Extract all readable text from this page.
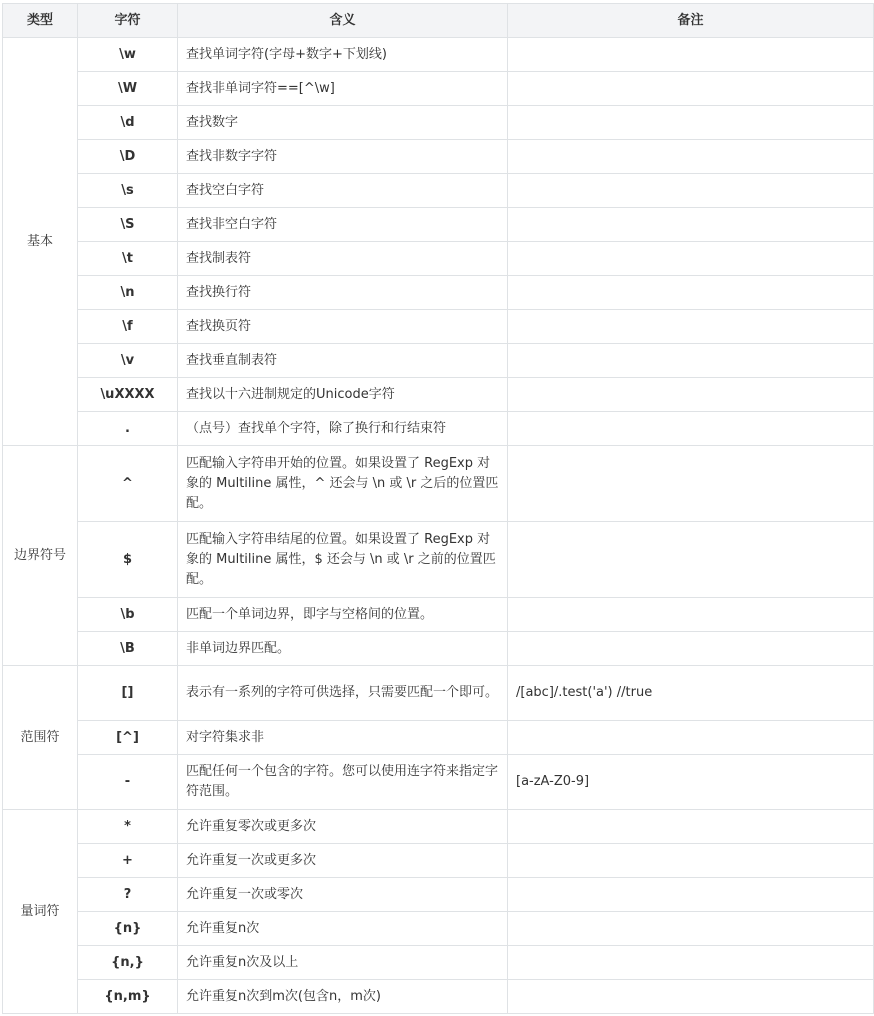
类型	字符	含义	备注
基本	\w	查找单词字符(字母+数字+下划线)	
	\W	查找非单词字符==[^\w]	
	\d	查找数字	
	\D	查找非数字字符	
	\s	查找空白字符	
	\S	查找非空白字符	
	\t	查找制表符	
	\n	查找换行符	
	\f	查找换页符	
	\v	查找垂直制表符	
	\uXXXX	查找以十六进制规定的Unicode字符	
	.	（点号）查找单个字符，除了换行和行结束符	
边界符号	^	匹配输入字符串开始的位置。如果设置了 RegExp 对象的 Multiline 属性，^ 还会与 \n 或 \r 之后的位置匹配。	
	$	匹配输入字符串结尾的位置。如果设置了 RegExp 对象的 Multiline 属性，$ 还会与 \n 或 \r 之前的位置匹配。	
	\b	匹配一个单词边界，即字与空格间的位置。	
	\B	非单词边界匹配。	
范围符	[]	表示有一系列的字符可供选择，只需要匹配一个即可。	/[abc]/.test('a') //true
	[^]	对字符集求非	
	-	匹配任何一个包含的字符。您可以使用连字符来指定字符范围。	[a-zA-Z0-9]
量词符	*	允许重复零次或更多次	
	+	允许重复一次或更多次	
	?	允许重复一次或零次	
	{n}	允许重复n次	
	{n,}	允许重复n次及以上	
	{n,m}	允许重复n次到m次(包含n，m次)	
